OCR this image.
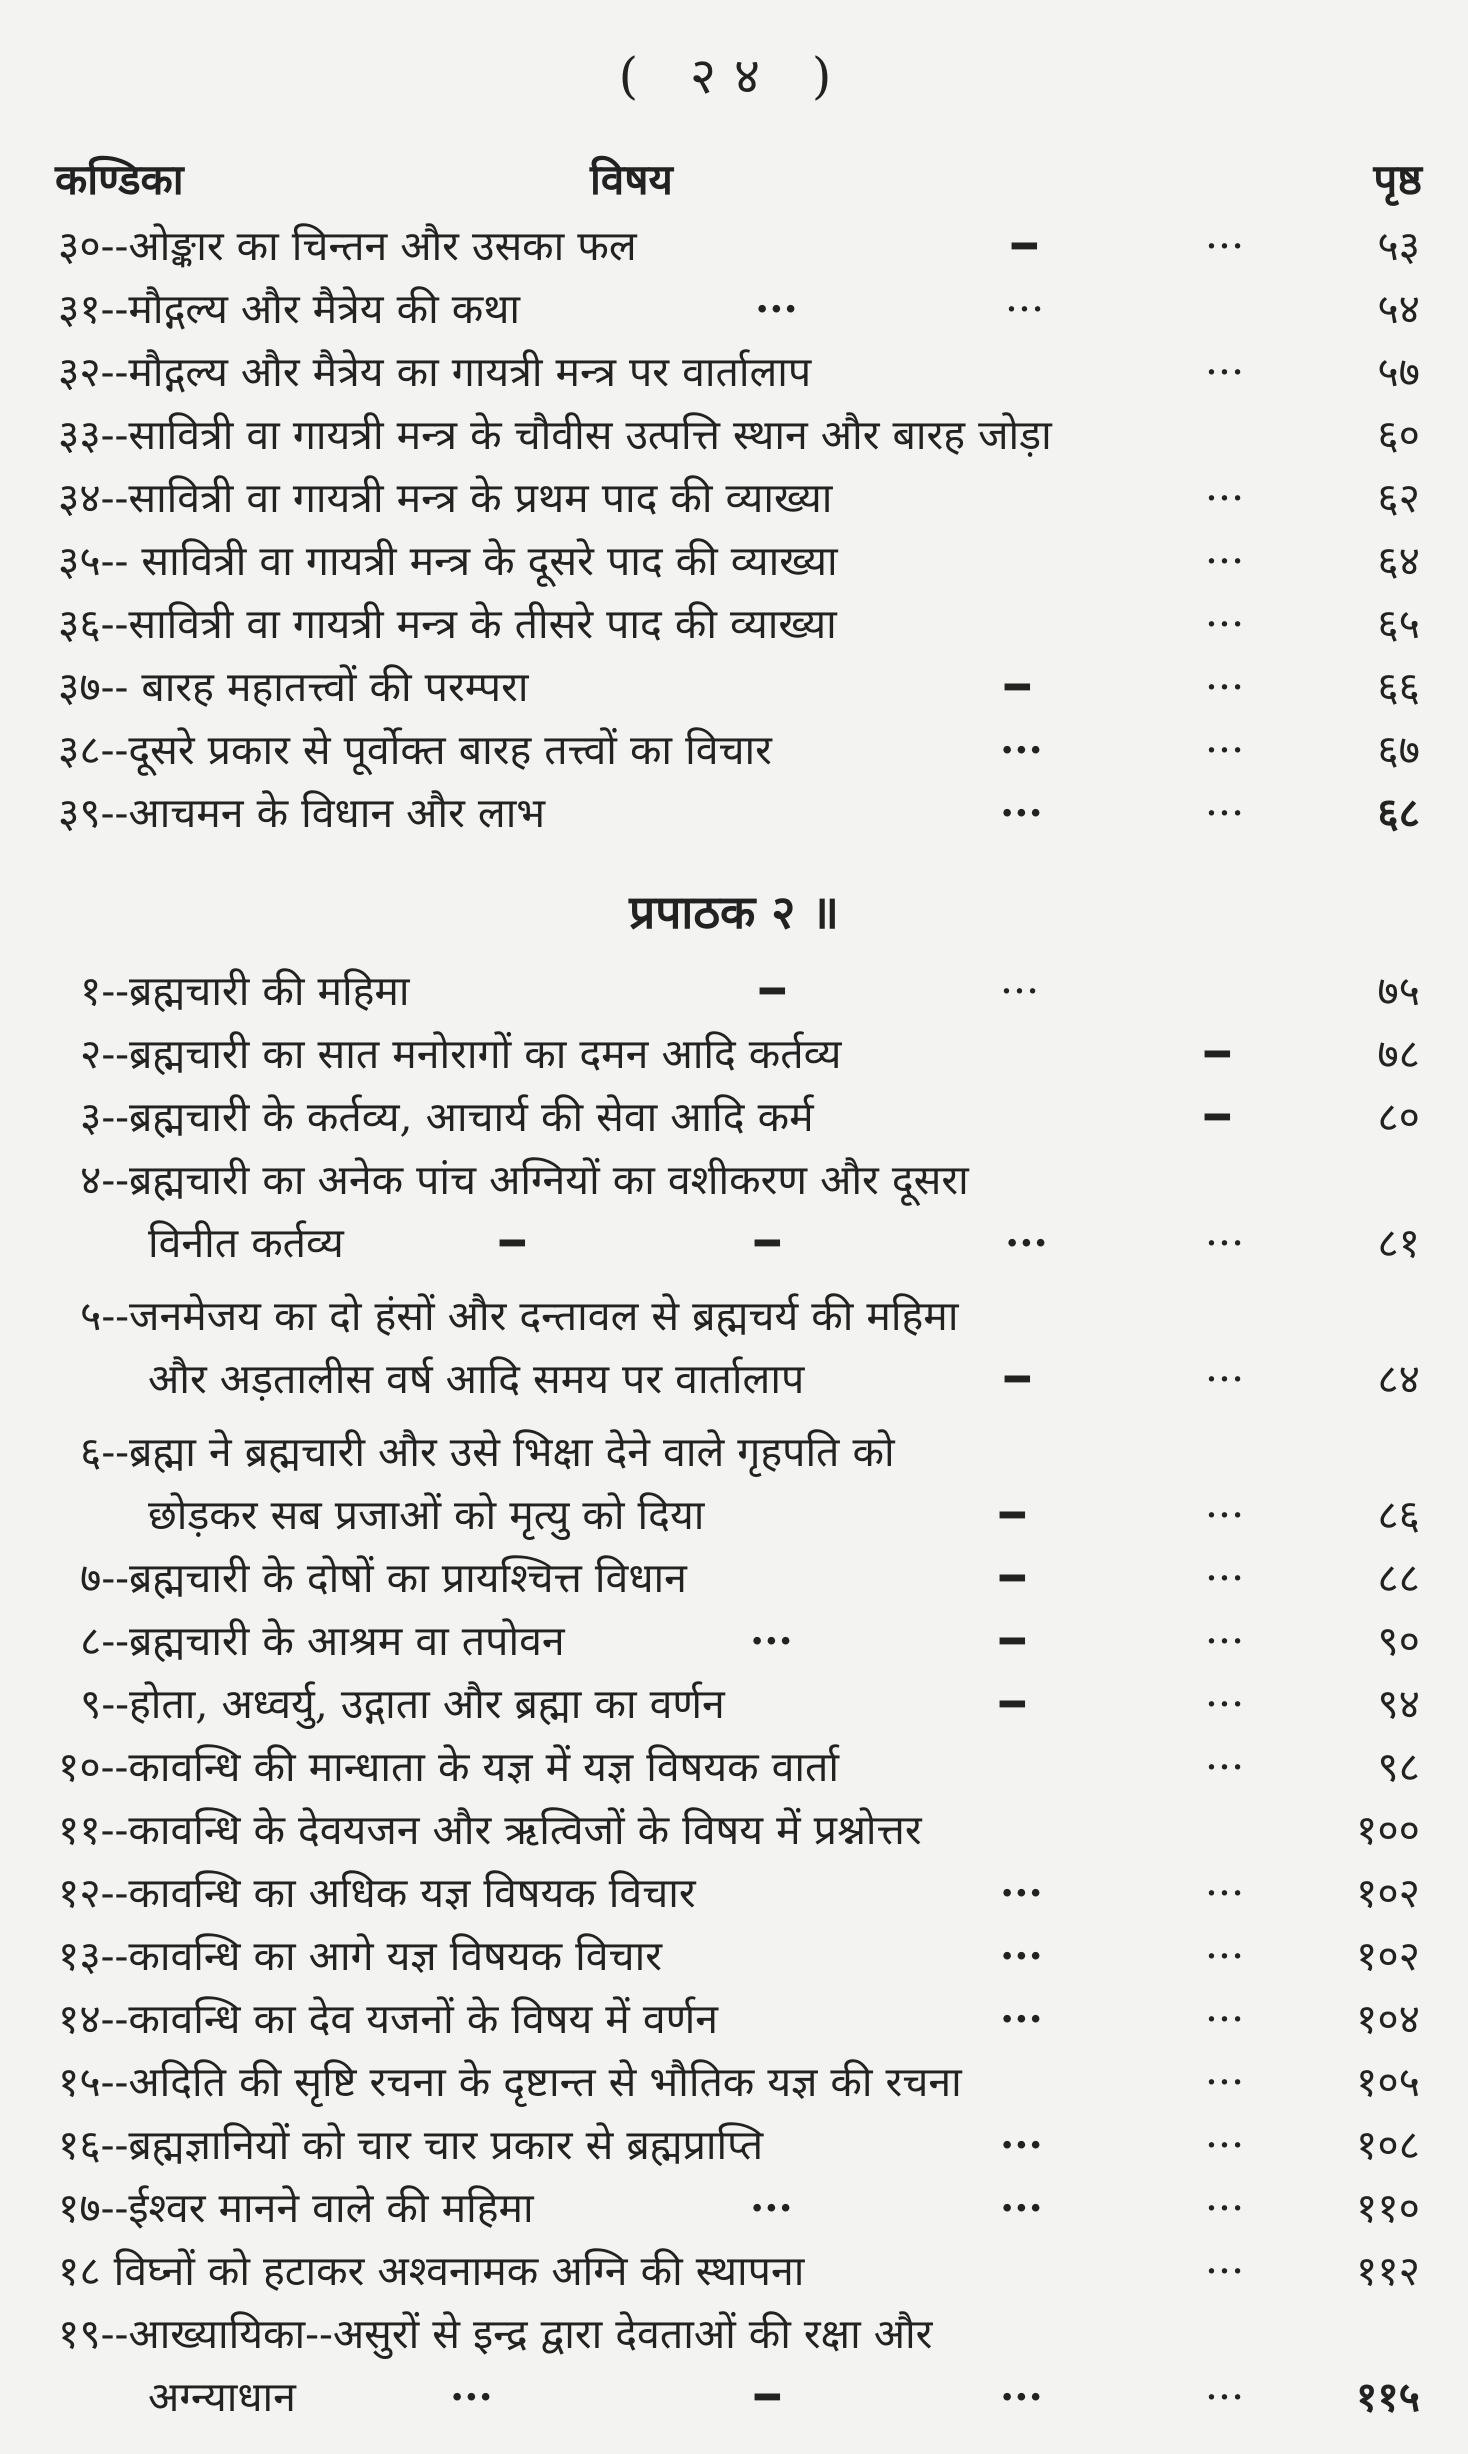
( २४ )
कण्डिका	विषय	पृष्ठ
३०--ओङ्कार का चिन्तन और उसका फल	━	···	५३
३१--मौद्गल्य और मैत्रेय की कथा	···	···	५४
३२--मौद्गल्य और मैत्रेय का गायत्री मन्त्र पर वार्तालाप	···	५७
३३--सावित्री वा गायत्री मन्त्र के चौवीस उत्पत्ति स्थान और बारह जोड़ा	६०
३४--सावित्री वा गायत्री मन्त्र के प्रथम पाद की व्याख्या	···	६२
३५-- सावित्री वा गायत्री मन्त्र के दूसरे पाद की व्याख्या	···	६४
३६--सावित्री वा गायत्री मन्त्र के तीसरे पाद की व्याख्या	···	६५
३७-- बारह महातत्त्वों की परम्परा	━	···	६६
३८--दूसरे प्रकार से पूर्वोक्त बारह तत्त्वों का विचार	···	···	६७
३९--आचमन के विधान और लाभ	···	···	६८
प्रपाठक २ ॥
१--ब्रह्मचारी की महिमा	━	···	७५
२--ब्रह्मचारी का सात मनोरागों का दमन आदि कर्तव्य	━	७८
३--ब्रह्मचारी के कर्तव्य, आचार्य की सेवा आदि कर्म	━	८०
४--ब्रह्मचारी का अनेक पांच अग्नियों का वशीकरण और दूसरा
विनीत कर्तव्य	━	━	···	···	८१
५--जनमेजय का दो हंसों और दन्तावल से ब्रह्मचर्य की महिमा
और अड़तालीस वर्ष आदि समय पर वार्तालाप	━	···	८४
६--ब्रह्मा ने ब्रह्मचारी और उसे भिक्षा देने वाले गृहपति को
छोड़कर सब प्रजाओं को मृत्यु को दिया	━	···	८६
७--ब्रह्मचारी के दोषों का प्रायश्चित्त विधान	━	···	८८
८--ब्रह्मचारी के आश्रम वा तपोवन	···	━	···	९०
९--होता, अध्वर्यु, उद्गाता और ब्रह्मा का वर्णन	━	···	९४
१०--कावन्धि की मान्धाता के यज्ञ में यज्ञ विषयक वार्ता	···	९८
११--कावन्धि के देवयजन और ऋत्विजों के विषय में प्रश्नोत्तर	१००
१२--कावन्धि का अधिक यज्ञ विषयक विचार	···	···	१०२
१३--कावन्धि का आगे यज्ञ विषयक विचार	···	···	१०२
१४--कावन्धि का देव यजनों के विषय में वर्णन	···	···	१०४
१५--अदिति की सृष्टि रचना के दृष्टान्त से भौतिक यज्ञ की रचना	···	१०५
१६--ब्रह्मज्ञानियों को चार चार प्रकार से ब्रह्मप्राप्ति	···	···	१०८
१७--ईश्वर मानने वाले की महिमा	···	···	···	११०
१८ विघ्नों को हटाकर अश्वनामक अग्नि की स्थापना	···	११२
१९--आख्यायिका--असुरों से इन्द्र द्वारा देवताओं की रक्षा और
अग्न्याधान	···	━	···	···	११५
